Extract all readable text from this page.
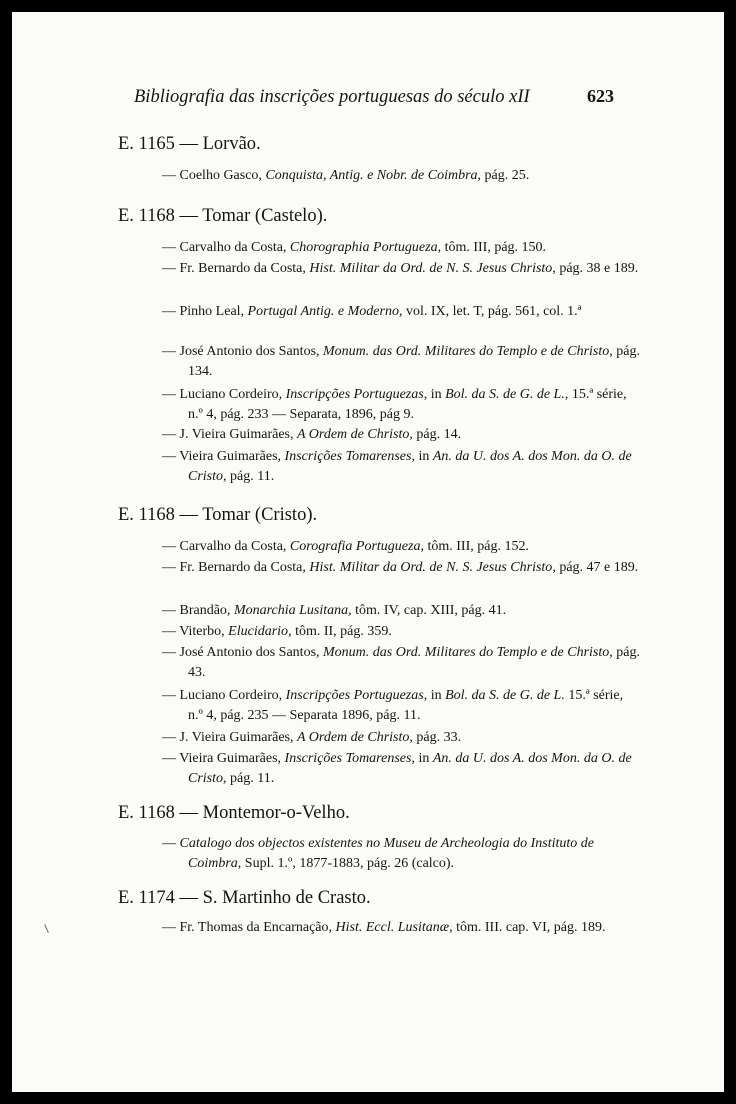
Bibliografia das inscrições portuguesas do século xII	623
E. 1165 — Lorvão.
— Coelho Gasco, Conquista, Antig. e Nobr. de Coimbra, pág. 25.
E. 1168 — Tomar (Castelo).
— Carvalho da Costa, Chorographia Portugueza, tôm. III, pág. 150.
— Fr. Bernardo da Costa, Hist. Militar da Ord. de N. S. Jesus Christo, pág. 38 e 189.
— Pinho Leal, Portugal Antig. e Moderno, vol. IX, let. T, pág. 561, col. 1.ª
— José Antonio dos Santos, Monum. das Ord. Militares do Templo e de Christo, pág. 134.
— Luciano Cordeiro, Inscripções Portuguezas, in Bol. da S. de G. de L., 15.ª série, n.º 4, pág. 233 — Separata, 1896, pág 9.
— J. Vieira Guimarães, A Ordem de Christo, pág. 14.
— Vieira Guimarães, Inscrições Tomarenses, in An. da U. dos A. dos Mon. da O. de Cristo, pág. 11.
E. 1168 — Tomar (Cristo).
— Carvalho da Costa, Corografia Portugueza, tôm. III, pág. 152.
— Fr. Bernardo da Costa, Hist. Militar da Ord. de N. S. Jesus Christo, pág. 47 e 189.
— Brandão, Monarchia Lusitana, tôm. IV, cap. XIII, pág. 41.
— Viterbo, Elucidario, tôm. II, pág. 359.
— José Antonio dos Santos, Monum. das Ord. Militares do Templo e de Christo, pág. 43.
— Luciano Cordeiro, Inscripções Portuguezas, in Bol. da S. de G. de L. 15.ª série, n.º 4, pág. 235 — Separata 1896, pág. 11.
— J. Vieira Guimarães, A Ordem de Christo, pág. 33.
— Vieira Guimarães, Inscrições Tomarenses, in An. da U. dos A. dos Mon. da O. de Cristo, pág. 11.
E. 1168 — Montemor-o-Velho.
— Catalogo dos objectos existentes no Museu de Archeologia do Instituto de Coimbra, Supl. 1.º, 1877-1883, pág. 26 (calco).
E. 1174 — S. Martinho de Crasto.
— Fr. Thomas da Encarnação, Hist. Eccl. Lusitanæ, tôm. III. cap. VI, pág. 189.
